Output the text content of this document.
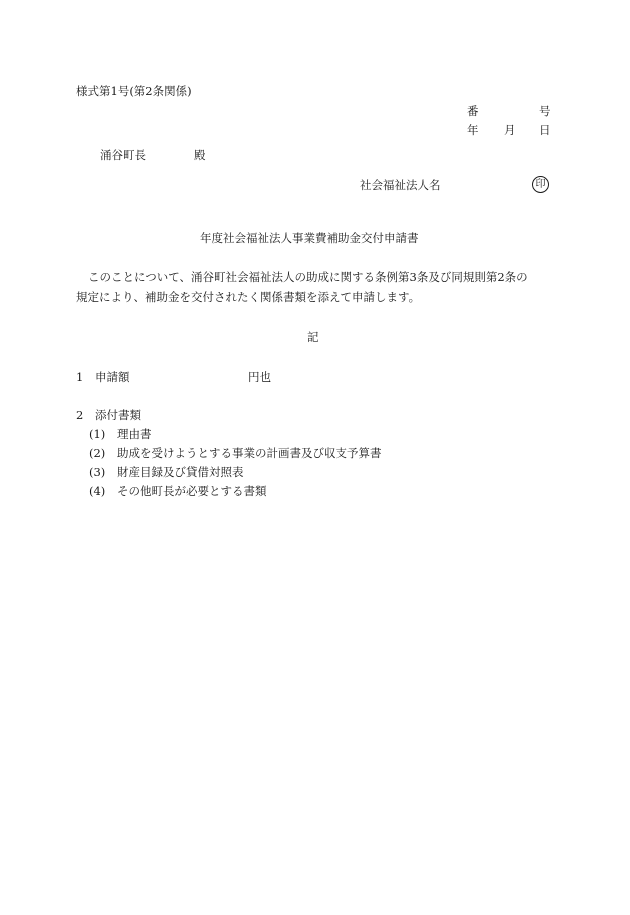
様式第1号(第2条関係)
番	号
年 月 日
涌谷町長	殿
社会福祉法人名	印
年度社会福祉法人事業費補助金交付申請書
このことについて、涌谷町社会福祉法人の助成に関する条例第3条及び同規則第2条の
規定により、補助金を交付されたく関係書類を添えて申請します。
記
1 申請額	円也
2 添付書類
(1) 理由書
(2) 助成を受けようとする事業の計画書及び収支予算書
(3) 財産目録及び貸借対照表
(4) その他町長が必要とする書類
